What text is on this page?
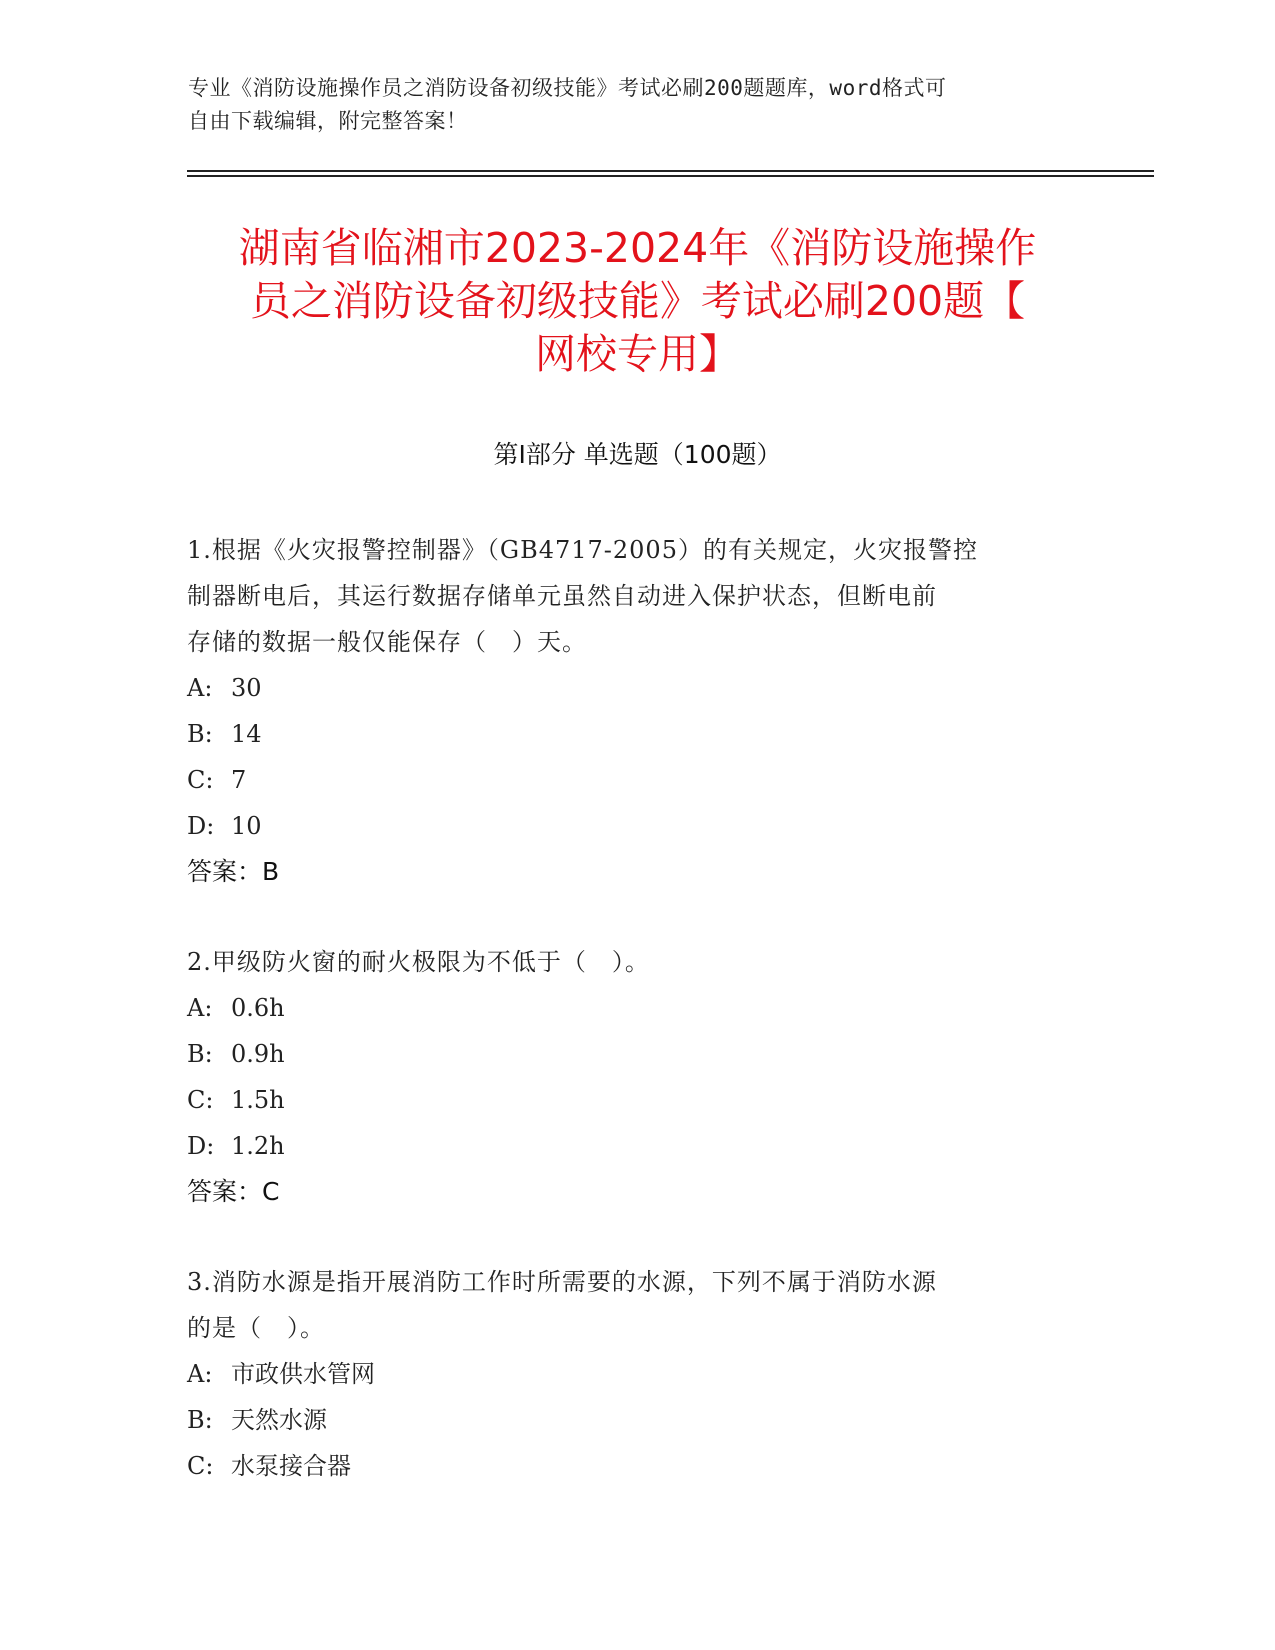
专业《消防设施操作员之消防设备初级技能》考试必刷200题题库，word格式可
自由下载编辑，附完整答案！
湖南省临湘市2023-2024年《消防设施操作
员之消防设备初级技能》考试必刷200题【
网校专用】
第Ⅰ部分 单选题（100题）
1.根据《火灾报警控制器》（GB4717-2005）的有关规定，火灾报警控
制器断电后，其运行数据存储单元虽然自动进入保护状态，但断电前
存储的数据一般仅能保存（　）天。
A: 30
B: 14
C: 7
D: 10
答案：B
2.甲级防火窗的耐火极限为不低于（　）。
A: 0.6h
B: 0.9h
C: 1.5h
D: 1.2h
答案：C
3.消防水源是指开展消防工作时所需要的水源，下列不属于消防水源
的是（　）。
A: 市政供水管网
B: 天然水源
C: 水泵接合器
